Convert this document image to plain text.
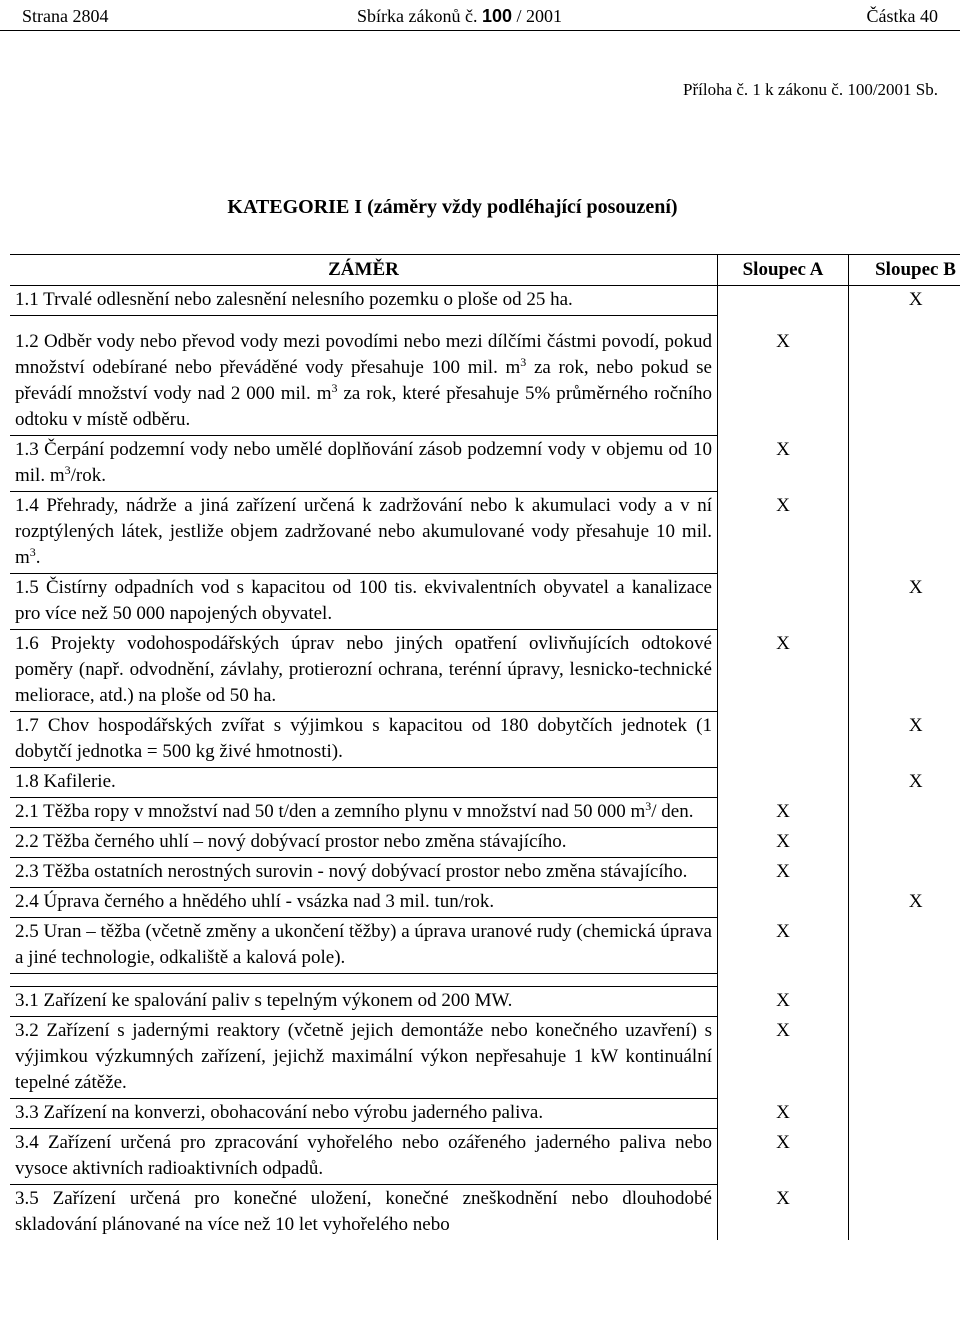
Strana 2804	Sbírka zákonů č. 100 / 2001	Částka 40
Příloha č. 1 k zákonu č. 100/2001 Sb.
KATEGORIE I (záměry vždy podléhající posouzení)
ZÁMĚR	Sloupec A	Sloupec B
1.1 Trvalé odlesnění nebo zalesnění nelesního pozemku o ploše od 25 ha.		X

1.2 Odběr vody nebo převod vody mezi povodími nebo mezi dílčími částmi povodí, pokud množství odebírané nebo převáděné vody přesahuje 100 mil. $m^3$ za rok, nebo pokud se převádí množství vody nad 2 000 mil. $m^3$ za rok, které přesahuje 5% průměrného ročního odtoku v místě odběru.	X	
1.3 Čerpání podzemní vody nebo umělé doplňování zásob podzemní vody v objemu od 10 mil. $m^3$/rok.	X	
1.4 Přehrady, nádrže a jiná zařízení určená k zadržování nebo k akumulaci vody a v ní rozptýlených látek, jestliže objem zadržované nebo akumulované vody přesahuje 10 mil. $m^3$.	X	
1.5 Čistírny odpadních vod s kapacitou od 100 tis. ekvivalentních obyvatel a kanalizace pro více než 50 000 napojených obyvatel.		X
1.6 Projekty vodohospodářských úprav nebo jiných opatření ovlivňujících odtokové poměry (např. odvodnění, závlahy, protierozní ochrana, terénní úpravy, lesnicko-technické meliorace, atd.) na ploše od 50 ha.	X	
1.7 Chov hospodářských zvířat s výjimkou s kapacitou od 180 dobytčích jednotek (1 dobytčí jednotka = 500 kg živé hmotnosti).		X
1.8 Kafilerie.		X
2.1 Těžba ropy v množství nad 50 t/den a zemního plynu v množství nad 50 000 $m^3/$ den.	X	
2.2 Těžba černého uhlí – nový dobývací prostor nebo změna stávajícího.	X	
2.3 Těžba ostatních nerostných surovin - nový dobývací prostor nebo změna stávajícího.	X	
2.4 Úprava černého a hnědého uhlí - vsázka nad 3 mil. tun/rok.		X
2.5 Uran – těžba (včetně změny a ukončení těžby) a úprava uranové rudy (chemická úprava a jiné technologie, odkaliště a kalová pole).	X	

3.1 Zařízení ke spalování paliv s tepelným výkonem od 200 MW.	X	
3.2 Zařízení s jadernými reaktory (včetně jejich demontáže nebo konečného uzavření) s výjimkou výzkumných zařízení, jejichž maximální výkon nepřesahuje 1 kW kontinuální tepelné zátěže.	X	
3.3 Zařízení na konverzi, obohacování nebo výrobu jaderného paliva.	X	
3.4 Zařízení určená pro zpracování vyhořelého nebo ozářeného jaderného paliva nebo vysoce aktivních radioaktivních odpadů.	X	
3.5 Zařízení určená pro konečné uložení, konečné zneškodnění nebo dlouhodobé skladování plánované na více než 10 let vyhořelého nebo	X	
